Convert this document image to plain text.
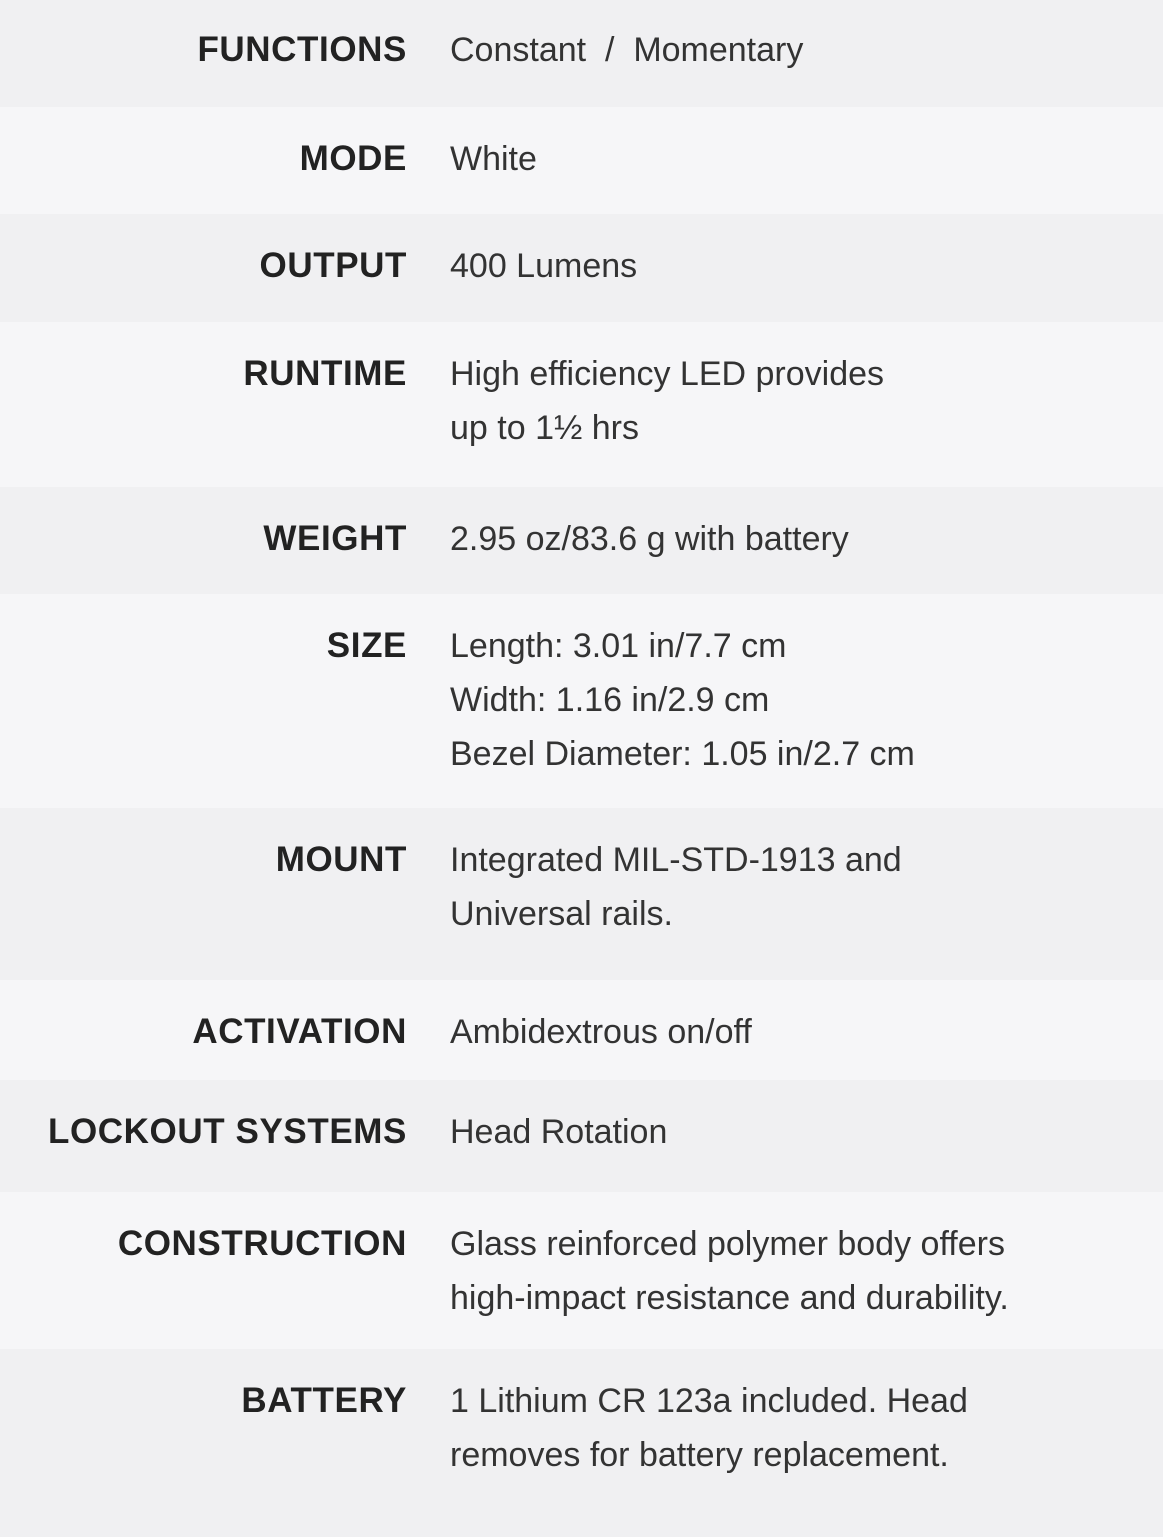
FUNCTIONS Constant  /  Momentary
MODE White
OUTPUT 400 Lumens
RUNTIME High efficiency LED provides
up to 1½ hrs
WEIGHT 2.95 oz/83.6 g with battery
SIZE Length: 3.01 in/7.7 cm
Width: 1.16 in/2.9 cm
Bezel Diameter: 1.05 in/2.7 cm
MOUNT Integrated MIL-STD-1913 and
Universal rails.
ACTIVATION Ambidextrous on/off
LOCKOUT SYSTEMS Head Rotation
CONSTRUCTION Glass reinforced polymer body offers
high-impact resistance and durability.
BATTERY 1 Lithium CR 123a included. Head
removes for battery replacement.
